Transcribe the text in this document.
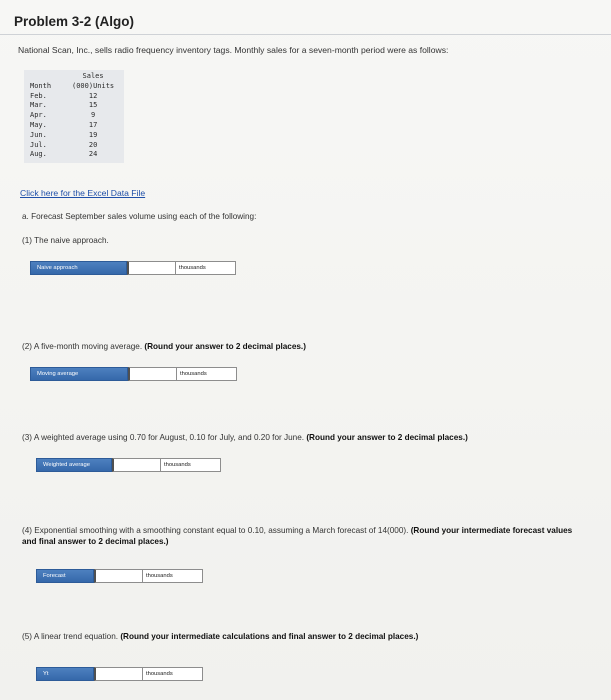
Problem 3-2 (Algo)
National Scan, Inc., sells radio frequency inventory tags. Monthly sales for a seven-month period were as follows:
	Sales
Month	(000)Units
Feb.	12
Mar.	15
Apr.	9
May.	17
Jun.	19
Jul.	20
Aug.	24
Click here for the Excel Data File
a. Forecast September sales volume using each of the following:
(1) The naive approach.
Naive approach	thousands
(2) A five-month moving average. (Round your answer to 2 decimal places.)
Moving average	thousands
(3) A weighted average using 0.70 for August, 0.10 for July, and 0.20 for June. (Round your answer to 2 decimal places.)
Weighted average	thousands
(4) Exponential smoothing with a smoothing constant equal to 0.10, assuming a March forecast of 14(000). (Round your intermediate forecast values and final answer to 2 decimal places.)
Forecast	thousands
(5) A linear trend equation. (Round your intermediate calculations and final answer to 2 decimal places.)
Yt	thousands
